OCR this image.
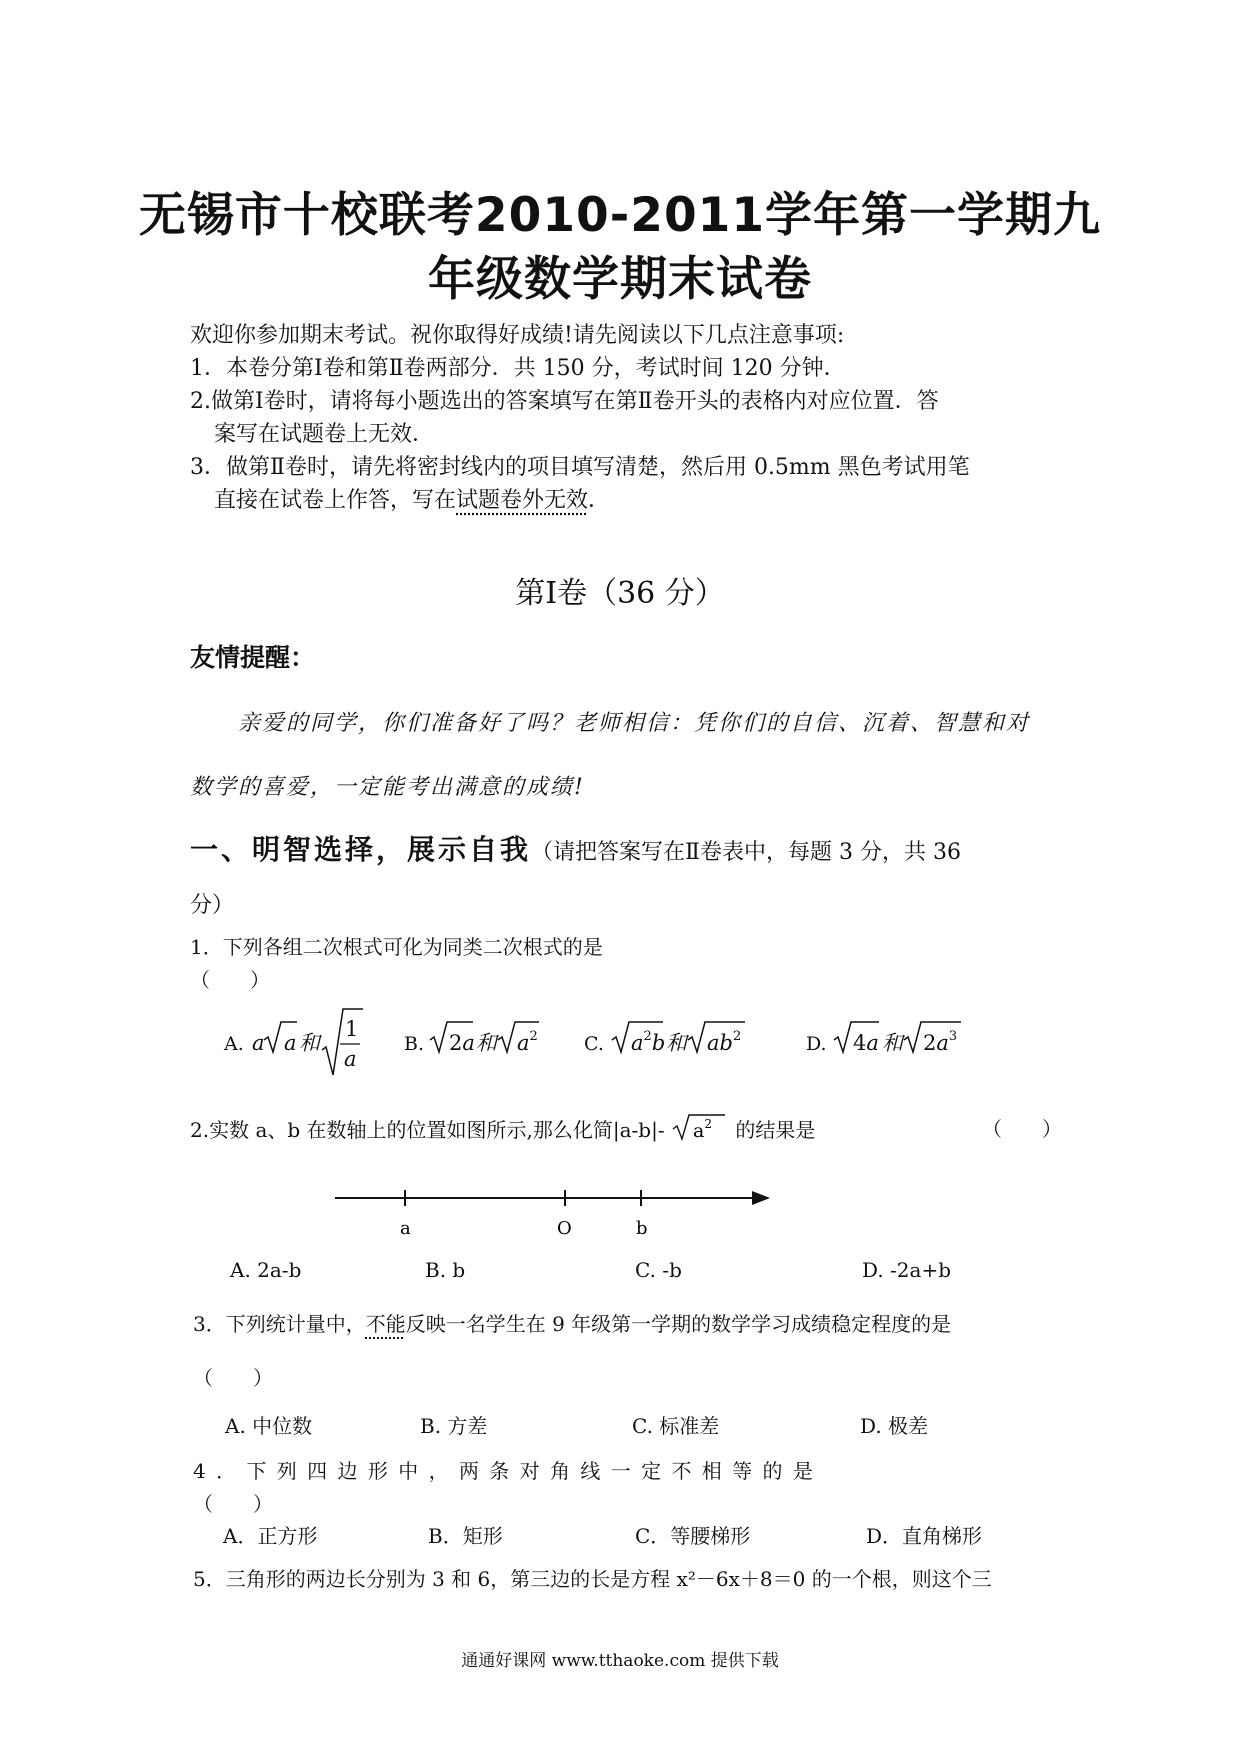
无锡市十校联考2010-2011学年第一学期九
年级数学期末试卷
欢迎你参加期末考试。祝你取得好成绩!请先阅读以下几点注意事项:
1．本卷分第Ⅰ卷和第Ⅱ卷两部分．共 150 分，考试时间 120 分钟．
2.做第Ⅰ卷时，请将每小题选出的答案填写在第Ⅱ卷开头的表格内对应位置．答
案写在试题卷上无效．
3．做第Ⅱ卷时，请先将密封线内的项目填写清楚，然后用 0.5mm 黑色考试用笔
直接在试卷上作答，写在试题卷外无效．
第Ⅰ卷（36 分）
友情提醒：
亲爱的同学，你们准备好了吗？老师相信：凭你们的自信、沉着、智慧和对
数学的喜爱，一定能考出满意的成绩!
一、明智选择，展示自我（请把答案写在Ⅱ卷表中，每题 3 分，共 36
分）
1．下列各组二次根式可化为同类二次根式的是
（　　）
A. a a 和
1
a
B. 2a 和 $a^2$ C. $a^2b$ 和 $ab^2$	D. 4a 和 $2a^3$
2.实数 a、b 在数轴上的位置如图所示,那么化简|a-b|- $a^2$ 的结果是	（　　）
a	O	b
A. 2a-b	B. b	C. -b	D. -2a+b
3．下列统计量中，不能反映一名学生在 9 年级第一学期的数学学习成绩稳定程度的是
（　　）
A. 中位数	B. 方差	C. 标准差	D. 极差
4 ． 下 列 四 边 形 中 ， 两 条 对 角 线 一 定 不 相 等 的 是
（　　）
A．正方形	B．矩形	C．等腰梯形	D．直角梯形
5．三角形的两边长分别为 3 和 6，第三边的长是方程 x²－6x＋8＝0 的一个根，则这个三
通通好课网 www.tthaoke.com 提供下载
